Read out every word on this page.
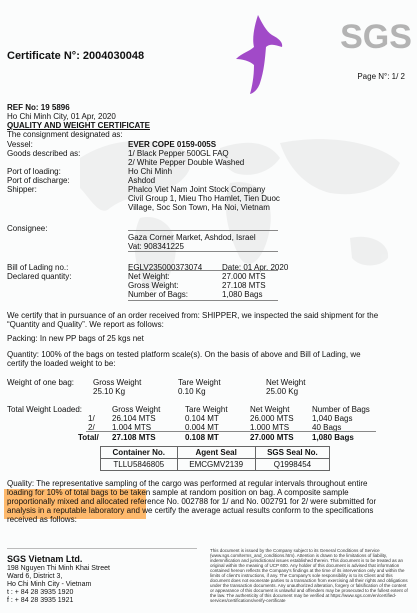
Certificate N°: 2004030048	SGS
Page N°: 1/ 2
REF No: 19 5896
Ho Chi Minh City, 01 Apr, 2020
QUALITY AND WEIGHT CERTIFICATE
The consignment designated as:
Vessel:	EVER COPE 0159-005S
Goods described as:	1/ Black Pepper 500GL FAQ
2/ White Pepper Double Washed
Port of loading:	Ho Chi Minh
Port of discharge:	Ashdod
Shipper:	Phalco Viet Nam Joint Stock Company
Civil Group 1, Mieu Tho Hamlet, Tien Duoc
Village, Soc Son Town, Ha Noi, Vietnam
Consignee:
Gaza Corner Market, Ashdod, Israel
Vat: 908341225
Bill of Lading no.:	EGLV235000373074 Date: 01 Apr, 2020
Declared quantity:	Net Weight:	27.000 MTS
Gross Weight:	27.108 MTS
Number of Bags:	1,080 Bags
We certify that in pursuance of an order received from: SHIPPER, we inspected the said shipment for the
“Quantity and Quality”. We report as follows:
Packing: In new PP bags of 25 kgs net
Quantity: 100% of the bags on tested platform scale(s). On the basis of above and Bill of Lading, we
certify the loaded weight to be:
Weight of one bag: Gross Weight
25.10 Kg
Tare Weight
0.10 Kg
Net Weight
25.00 Kg
Total Weight Loaded:	Gross Weight	Tare Weight	Net Weight	Number of Bags
1/ 26.104 MTS	0.104 MT	26.000 MTS 1,040 Bags
2/ 1.004 MTS	0.004 MT	1.000 MTS	40 Bags
Total/ 27.108 MTS	0.108 MT	27.000 MTS 1,080 Bags
Container No.	Agent Seal	SGS Seal No.
TLLU5846805	EMCGMV2139	Q1998454
Quality: The representative sampling of the cargo was performed at regular intervals throughout entire
loading for 10% of total bags to be taken sample at random position on bag. A composite sample
proportionally mixed and allocated reference No. 002788 for 1/ and No. 002791 for 2/ were submitted for
analysis in a reputable laboratory and we certify the average actual results conform to the specifications
received as follows:
SGS Vietnam Ltd.
198 Nguyen Thi Minh Khai Street
Ward 6, District 3,
Ho Chi Minh City - Vietnam
t : + 84 28 3935 1920
f : + 84 28 3935 1921
This document is issued by the Company subject to its General Conditions of Service (www.sgs.com/terms_and_conditions.htm). Attention is drawn to the limitations of liability, indemnification and jurisdictional issues established therein. This document is to be treated as an original within the meaning of UCP 600. Any holder of this document is advised that information contained hereon reflects the Company's findings at the time of its intervention only and within the limits of client's instructions, if any. The Company's sole responsibility is to its Client and this document does not exonerate parties to a transaction from exercising all their rights and obligations under the transaction documents. Any unauthorized alteration, forgery or falsification of the content or appearance of this document is unlawful and offenders may be prosecuted to the fullest extent of the law. The authenticity of this document may be verified at https://www.sgs.com/en/certified-services/certifications/verify-certificate
